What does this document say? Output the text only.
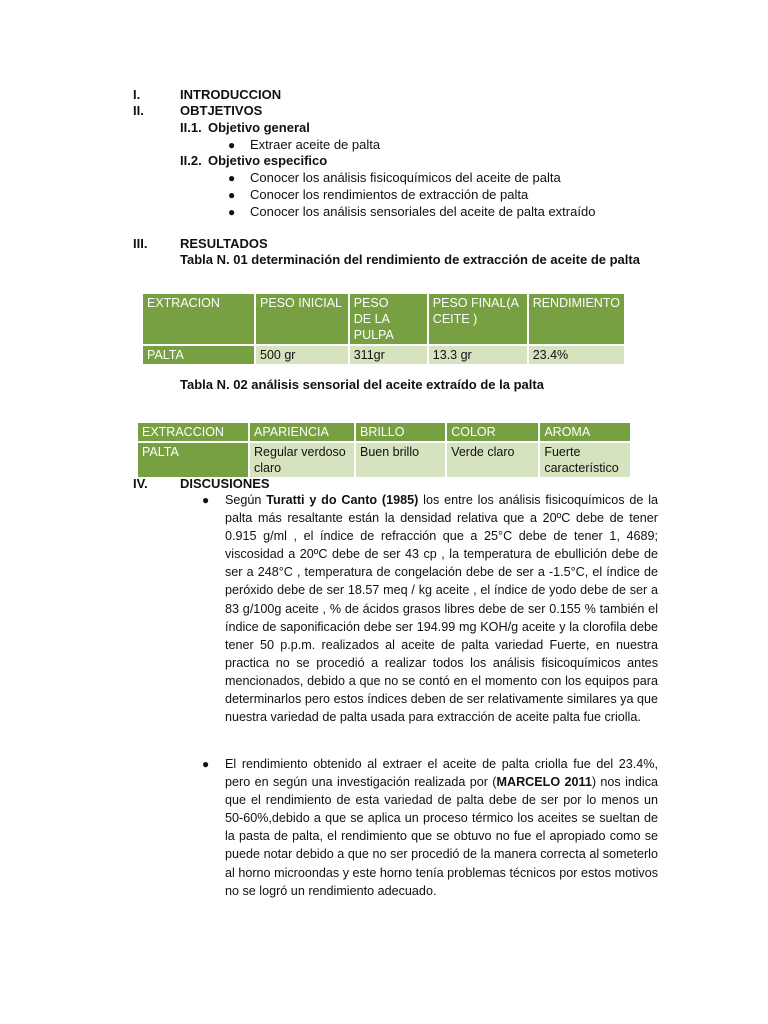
I.	INTRODUCCION
II.	OBTJETIVOS
II.1. Objetivo general
● Extraer aceite de palta
II.2. Objetivo especifico
● Conocer los análisis fisicoquímicos del aceite de palta
● Conocer los rendimientos de extracción de palta
● Conocer los análisis sensoriales del aceite de palta extraído
III.	RESULTADOS
Tabla N. 01 determinación del rendimiento de extracción de aceite de palta
EXTRACION	PESO INICIAL	PESO      DE LA PULPA	PESO FINAL(ACEITE )	RENDIMIENTO
PALTA	500 gr	311gr	13.3 gr	23.4%
Tabla N. 02 análisis sensorial del aceite extraído de la palta
EXTRACCION	APARIENCIA	BRILLO	COLOR	AROMA
PALTA	Regular verdoso claro	Buen brillo	Verde claro	Fuerte característico
IV. DISCUSIONES
● Según Turatti y do Canto (1985) los entre los análisis fisicoquímicos de la palta más resaltante están la densidad relativa que a 20ºC debe de tener 0.915 g/ml , el índice de refracción que a 25°C debe de tener 1, 4689; viscosidad a 20ºC debe de ser 43 cp , la temperatura de ebullición debe de ser a 248°C , temperatura de congelación debe de ser a -1.5°C, el índice de peróxido debe de ser 18.57 meq / kg aceite , el índice de yodo debe de ser a 83 g/100g aceite , % de ácidos grasos libres debe de ser 0.155 % también el índice de saponificación debe ser 194.99 mg KOH/g aceite y la clorofila debe tener 50 p.p.m. realizados al aceite de palta variedad Fuerte, en nuestra practica no se procedió a realizar todos los análisis fisicoquímicos antes mencionados, debido a que no se contó en el momento con los equipos para determinarlos pero estos índices deben de ser relativamente similares ya que nuestra variedad de palta usada para extracción de aceite palta fue criolla.
● El rendimiento obtenido al extraer el aceite de palta criolla fue del 23.4%, pero en según una investigación realizada por (MARCELO 2011) nos indica que el rendimiento de esta variedad de palta debe de ser por lo menos un 50-60%,debido a que se aplica un proceso térmico los aceites se sueltan de la pasta de palta, el rendimiento que se obtuvo no fue el apropiado como se puede notar debido a que no ser procedió de la manera correcta al someterlo al horno microondas y este horno tenía problemas técnicos por estos motivos no se logró un rendimiento adecuado.
